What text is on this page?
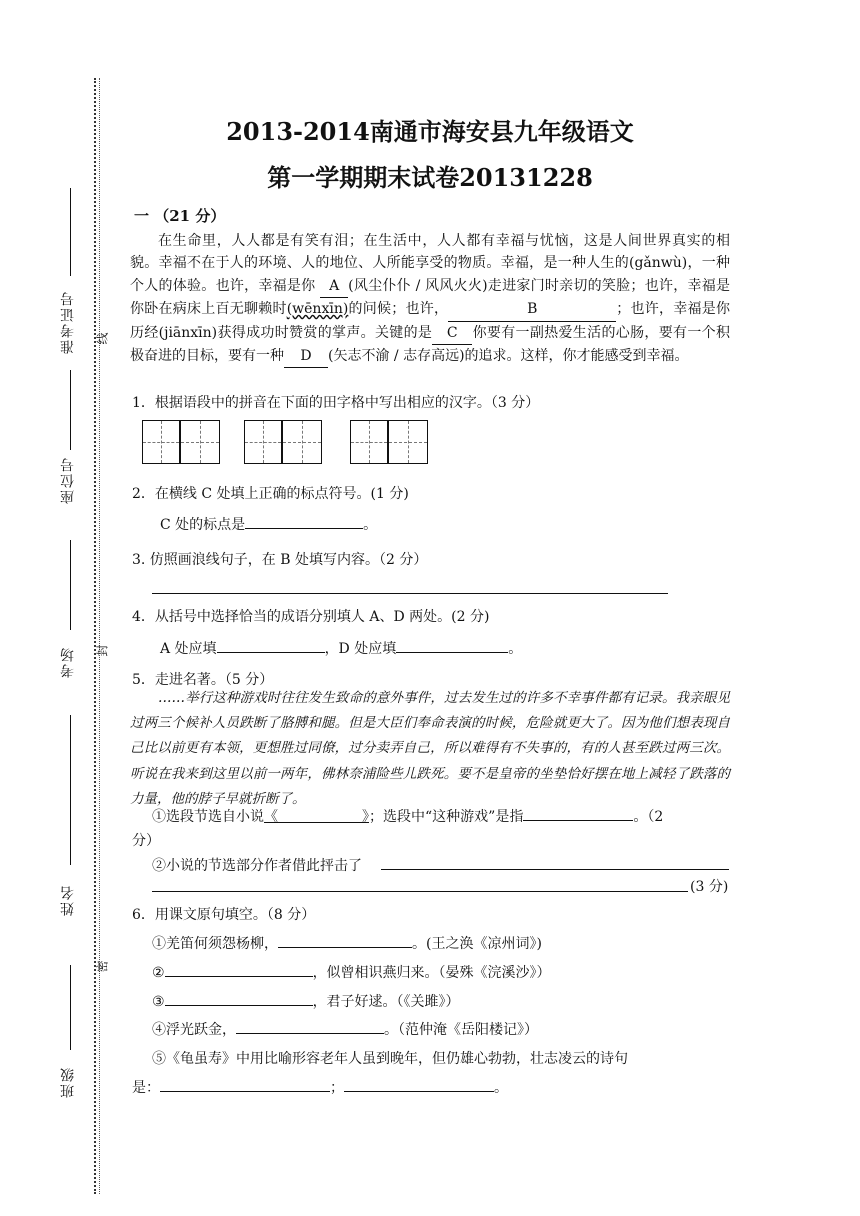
准考证号
座位号
考场
姓名
班级
线
封
密
2013-2014南通市海安县九年级语文
第一学期期末试卷20131228
一 （21 分）
在生命里，人人都是有笑有泪；在生活中，人人都有幸福与忧恼，这是人间世界真实的相貌。幸福不在于人的环境、人的地位、人所能享受的物质。幸福，是一种人生的(gǎnwù)，一种个人的体验。也许，幸福是你 A (风尘仆仆 / 风风火火)走进家门时亲切的笑脸；也许，幸福是你卧在病床上百无聊赖时(wēnxīn)的问候；也许，	B	；也许，幸福是你历经(jiānxīn)获得成功时赞赏的掌声。关键的是 C 你要有一副热爱生活的心肠，要有一个积极奋进的目标，要有一种 D (矢志不渝 / 志存高远)的追求。这样，你才能感受到幸福。
1．根据语段中的拼音在下面的田字格中写出相应的汉字。（3 分）
2．在横线 C 处填上正确的标点符号。(1 分)
C 处的标点是	。
3. 仿照画浪线句子，在 B 处填写内容。（2 分）
4．从括号中选择恰当的成语分别填人 A、D 两处。(2 分)
A 处应填	，D 处应填	。
5．走进名著。（5 分）
……举行这种游戏时往往发生致命的意外事件，过去发生过的许多不幸事件都有记录。我亲眼见过两三个候补人员跌断了胳膊和腿。但是大臣们奉命表演的时候，危险就更大了。因为他们想表现自己比以前更有本领，更想胜过同僚，过分卖弄自己，所以难得有不失事的，有的人甚至跌过两三次。听说在我来到这里以前一两年，佛林奈浦险些儿跌死。要不是皇帝的坐垫恰好摆在地上减轻了跌落的力量，他的脖子早就折断了。
①选段节选自小说《　　　　　　》；选段中“这种游戏”是指	。（2
分）
②小说的节选部分作者借此抨击了
(3 分)
6．用课文原句填空。（8 分）
①羌笛何须怨杨柳，	。(王之涣《凉州词》)
②	，似曾相识燕归来。（晏殊《浣溪沙》）
③	，君子好逑。（《关雎》）
④浮光跃金，	。（范仲淹《岳阳楼记》）
⑤《龟虽寿》中用比喻形容老年人虽到晚年，但仍雄心勃勃，壮志凌云的诗句
是：	；	。
